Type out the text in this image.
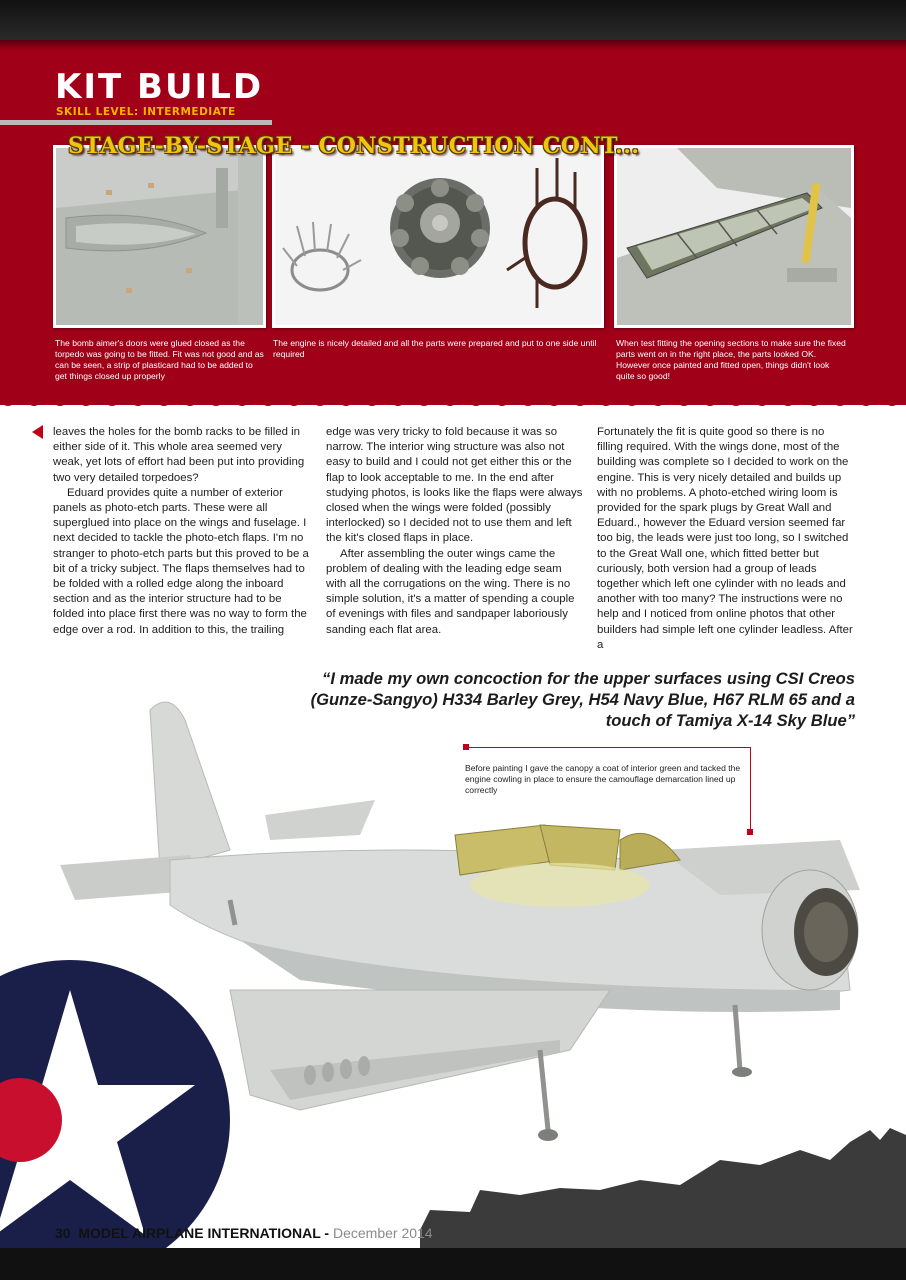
KIT BUILD
SKILL LEVEL: INTERMEDIATE
STAGE-BY-STAGE - CONSTRUCTION CONT...
The bomb aimer's doors were glued closed as the torpedo was going to be fitted. Fit was not good and as can be seen, a strip of plasticard had to be added to get things closed up properly
The engine is nicely detailed and all the parts were prepared and put to one side until required
When test fitting the opening sections to make sure the fixed parts went on in the right place, the parts looked OK. However once painted and fitted open, things didn't look quite so good!

leaves the holes for the bomb racks to be filled in either side of it. This whole area seemed very weak, yet lots of effort had been put into providing two very detailed torpedoes?

Eduard provides quite a number of exterior panels as photo-etch parts. These were all superglued into place on the wings and fuselage. I next decided to tackle the photo-etch flaps. I'm no stranger to photo-etch parts but this proved to be a bit of a tricky subject. The flaps themselves had to be folded with a rolled edge along the inboard section and as the interior structure had to be folded into place first there was no way to form the edge over a rod. In addition to this, the trailing

edge was very tricky to fold because it was so narrow. The interior wing structure was also not easy to build and I could not get either this or the flap to look acceptable to me. In the end after studying photos, is looks like the flaps were always closed when the wings were folded (possibly interlocked) so I decided not to use them and left the kit's closed flaps in place.

After assembling the outer wings came the problem of dealing with the leading edge seam with all the corrugations on the wing. There is no simple solution, it's a matter of spending a couple of evenings with files and sandpaper laboriously sanding each flat area.

Fortunately the fit is quite good so there is no filling required. With the wings done, most of the building was complete so I decided to work on the engine. This is very nicely detailed and builds up with no problems. A photo-etched wiring loom is provided for the spark plugs by Great Wall and Eduard., however the Eduard version seemed far too big, the leads were just too long, so I switched to the Great Wall one, which fitted better but curiously, both version had a group of leads together which left one cylinder with no leads and another with too many? The instructions were no help and I noticed from online photos that other builders had simple left one cylinder leadless. After a

“I made my own concoction for the upper surfaces using CSI Creos (Gunze-Sangyo) H334 Barley Grey, H54 Navy Blue, H67 RLM 65 and a touch of Tamiya X-14 Sky Blue”
Before painting I gave the canopy a coat of interior green and tacked the engine cowling in place to ensure the camouflage demarcation lined up correctly
30 MODEL AIRPLANE INTERNATIONAL - December 2014
